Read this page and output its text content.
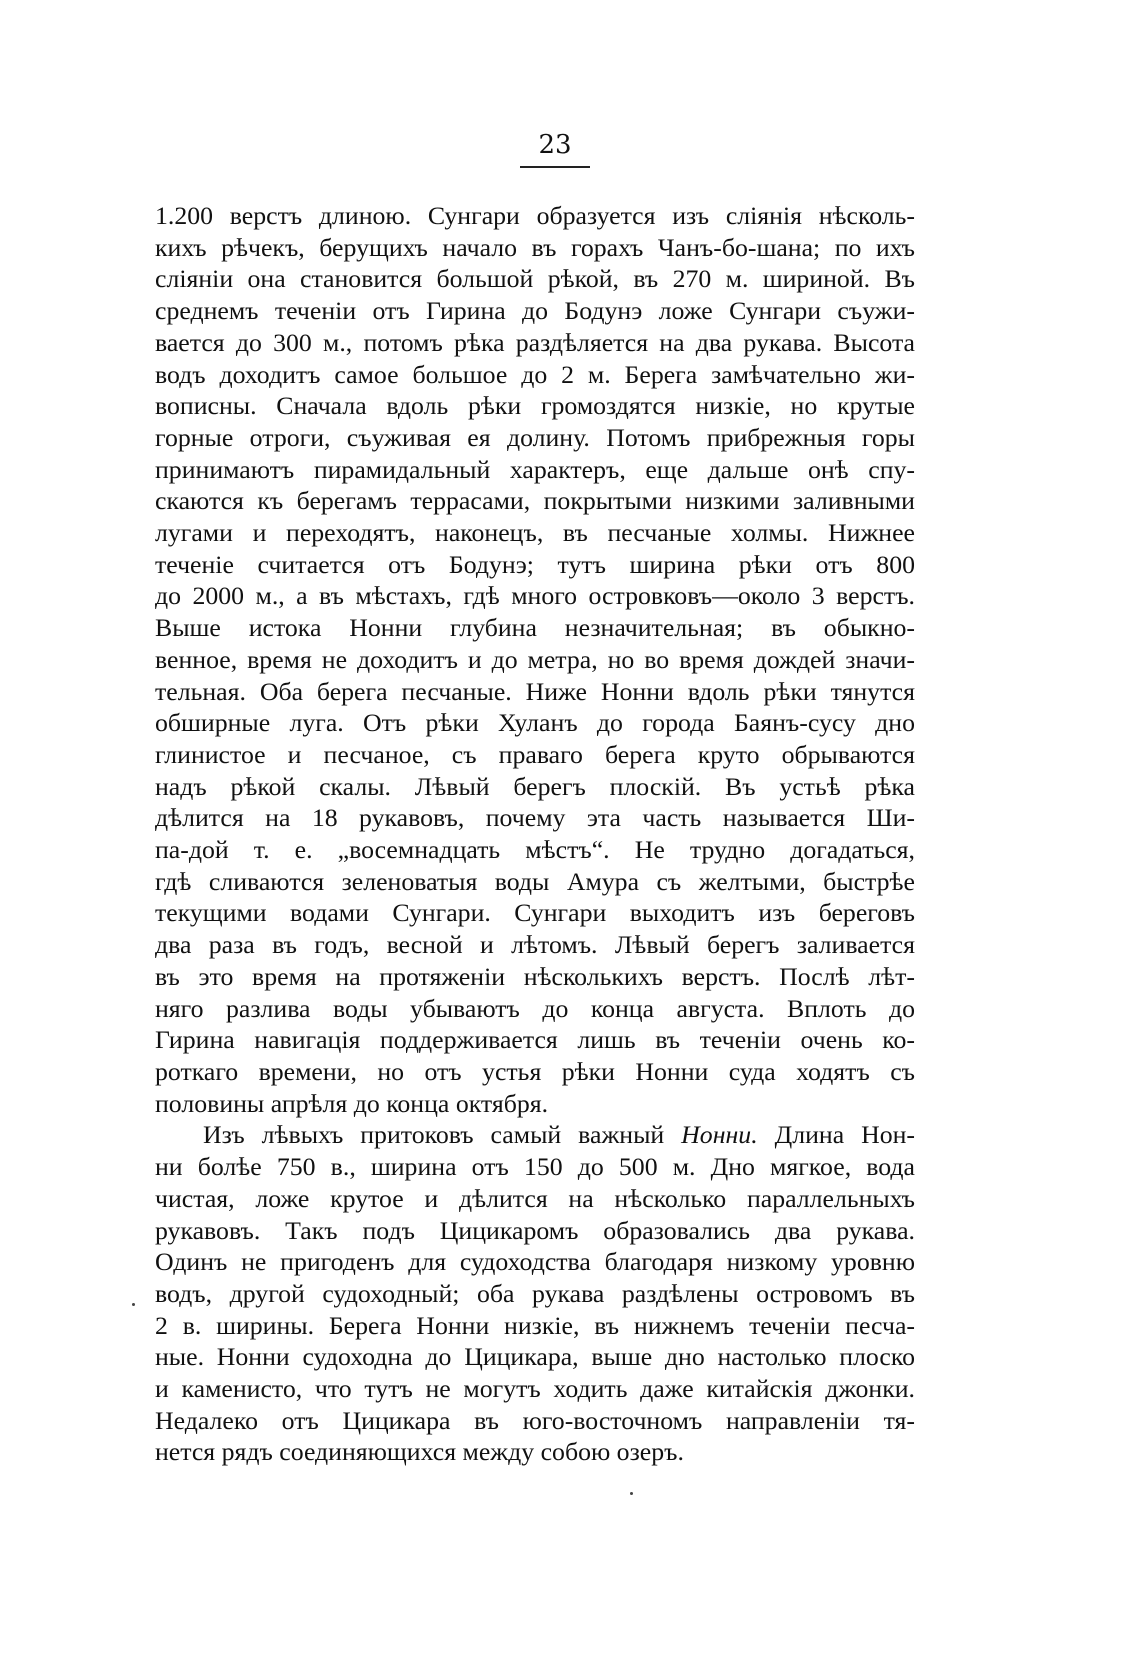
23
1.200 верстъ длиною. Сунгари образуется изъ сліянія нѣсколь-
кихъ рѣчекъ, берущихъ начало въ горахъ Чанъ-бо-шана; по ихъ
сліяніи она становится большой рѣкой, въ 270 м. шириной. Въ
среднемъ теченіи отъ Гирина до Бодунэ ложе Сунгари съужи-
вается до 300 м., потомъ рѣка раздѣляется на два рукава. Высота
водъ доходитъ самое большое до 2 м. Берега замѣчательно жи-
вописны. Сначала вдоль рѣки громоздятся низкіе, но крутые
горные отроги, съуживая ея долину. Потомъ прибрежныя горы
принимаютъ пирамидальный характеръ, еще дальше онѣ спу-
скаются къ берегамъ террасами, покрытыми низкими заливными
лугами и переходятъ, наконецъ, въ песчаные холмы. Нижнее
теченіе считается отъ Бодунэ; тутъ ширина рѣки отъ 800
до 2000 м., а въ мѣстахъ, гдѣ много островковъ—около 3 верстъ.
Выше истока Нонни глубина незначительная; въ обыкно-
венное, время не доходитъ и до метра, но во время дождей значи-
тельная. Оба берега песчаные. Ниже Нонни вдоль рѣки тянутся
обширные луга. Отъ рѣки Хуланъ до города Баянъ-сусу дно
глинистое и песчаное, съ праваго берега круто обрываются
надъ рѣкой скалы. Лѣвый берегъ плоскій. Въ устьѣ рѣка
дѣлится на 18 рукавовъ, почему эта часть называется Ши-
па-дой т. е. „восемнадцать мѣстъ“. Не трудно догадаться,
гдѣ сливаются зеленоватыя воды Амура съ желтыми, быстрѣе
текущими водами Сунгари. Сунгари выходитъ изъ береговъ
два раза въ годъ, весной и лѣтомъ. Лѣвый берегъ заливается
въ это время на протяженіи нѣсколькихъ верстъ. Послѣ лѣт-
няго разлива воды убываютъ до конца августа. Вплоть до
Гирина навигація поддерживается лишь въ теченіи очень ко-
роткаго времени, но отъ устья рѣки Нонни суда ходятъ съ
половины апрѣля до конца октября.
Изъ лѣвыхъ притоковъ самый важный Нонни. Длина Нон-
ни болѣе 750 в., ширина отъ 150 до 500 м. Дно мягкое, вода
чистая, ложе крутое и дѣлится на нѣсколько параллельныхъ
рукавовъ. Такъ подъ Цицикаромъ образовались два рукава.
Одинъ не пригоденъ для судоходства благодаря низкому уровню
водъ, другой судоходный; оба рукава раздѣлены островомъ въ
2 в. ширины. Берега Нонни низкіе, въ нижнемъ теченіи песча-
ные. Нонни судоходна до Цицикара, выше дно настолько плоско
и каменисто, что тутъ не могутъ ходить даже китайскія джонки.
Недалеко отъ Цицикара въ юго-восточномъ направленіи тя-
нется рядъ соединяющихся между собою озеръ.
